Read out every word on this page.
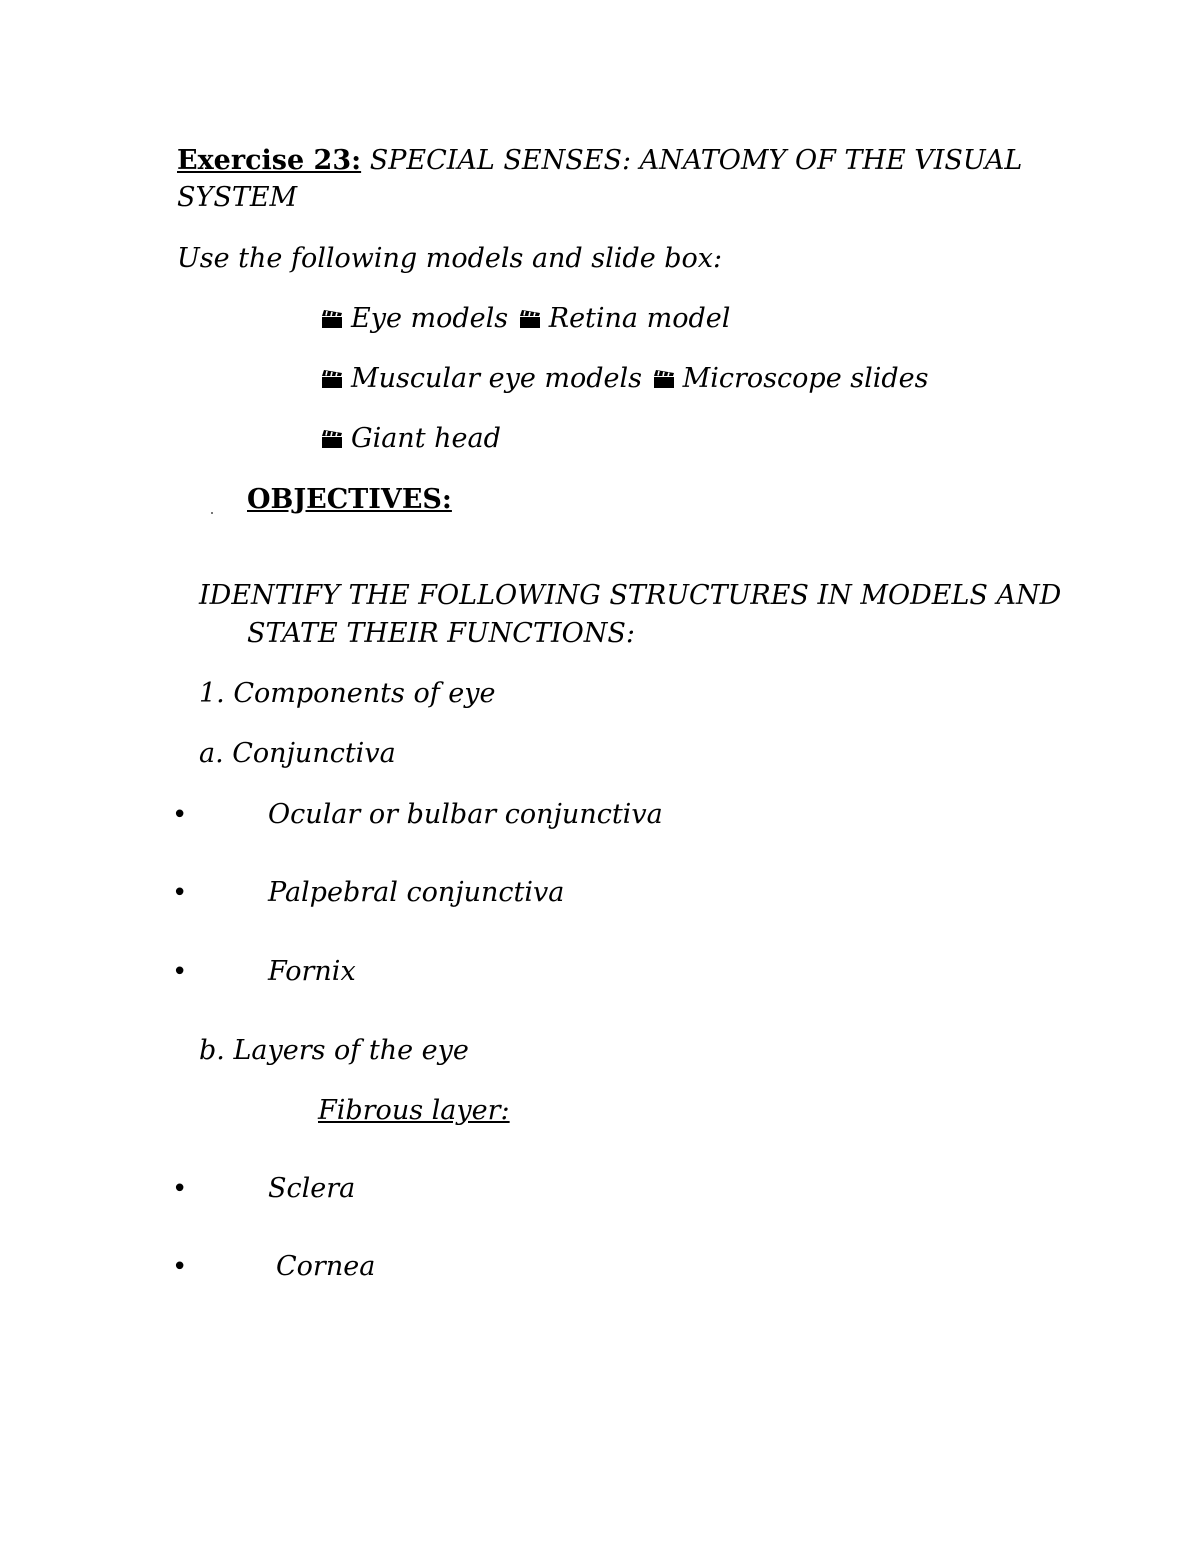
Exercise 23: SPECIAL SENSES: ANATOMY OF THE VISUAL
SYSTEM
Use the following models and slide box:
Eye models Retina model
Muscular eye models Microscope slides
Giant head
OBJECTIVES:
IDENTIFY THE FOLLOWING STRUCTURES IN MODELS AND
STATE THEIR FUNCTIONS:
1. Components of eye
a. Conjunctiva
•	Ocular or bulbar conjunctiva
•	Palpebral conjunctiva
•	Fornix
b. Layers of the eye
Fibrous layer:
•	Sclera
•	Cornea
